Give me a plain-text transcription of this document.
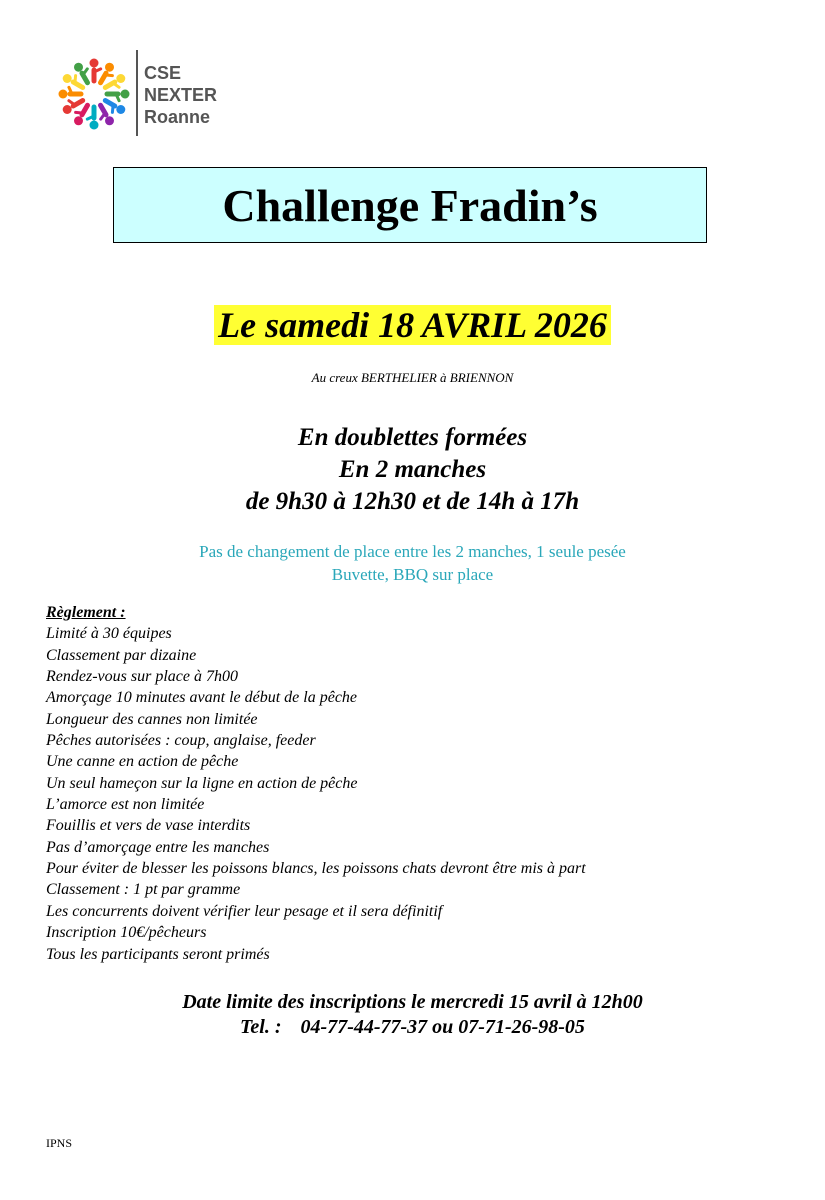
CSE
NEXTER
Roanne
Challenge Fradin’s
Le samedi 18 AVRIL 2026
Au creux BERTHELIER à BRIENNON
En doublettes formées
En 2 manches
de 9h30 à 12h30 et de 14h à 17h
Pas de changement de place entre les 2 manches, 1 seule pesée
Buvette, BBQ sur place
Règlement :
Limité à 30 équipes
Classement par dizaine
Rendez-vous sur place à 7h00
Amorçage 10 minutes avant le début de la pêche
Longueur des cannes non limitée
Pêches autorisées : coup, anglaise, feeder
Une canne en action de pêche
Un seul hameçon sur la ligne en action de pêche
L’amorce est non limitée
Fouillis et vers de vase interdits
Pas d’amorçage entre les manches
Pour éviter de blesser les poissons blancs, les poissons chats devront être mis à part
Classement : 1 pt par gramme
Les concurrents doivent vérifier leur pesage et il sera définitif
Inscription 10€/pêcheurs
Tous les participants seront primés
Date limite des inscriptions le mercredi 15 avril à 12h00
Tel. : 04-77-44-77-37 ou 07-71-26-98-05
IPNS
